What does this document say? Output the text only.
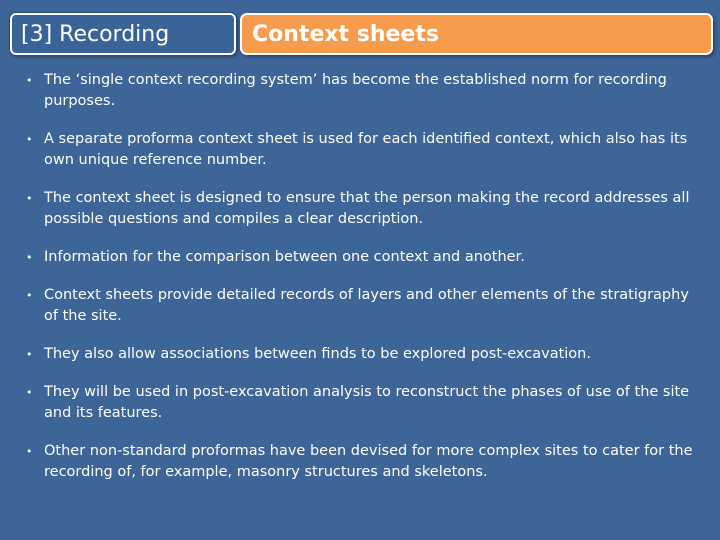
[3] Recording	Context sheets
• The ‘single context recording system’ has become the established norm for recording purposes.
• A separate proforma context sheet is used for each identified context, which also has its own unique reference number.
• The context sheet is designed to ensure that the person making the record addresses all possible questions and compiles a clear description.
• Information for the comparison between one context and another.
• Context sheets provide detailed records of layers and other elements of the stratigraphy of the site.
• They also allow associations between finds to be explored post-excavation.
• They will be used in post-excavation analysis to reconstruct the phases of use of the site and its features.
• Other non-standard proformas have been devised for more complex sites to cater for the recording of, for example, masonry structures and skeletons.
